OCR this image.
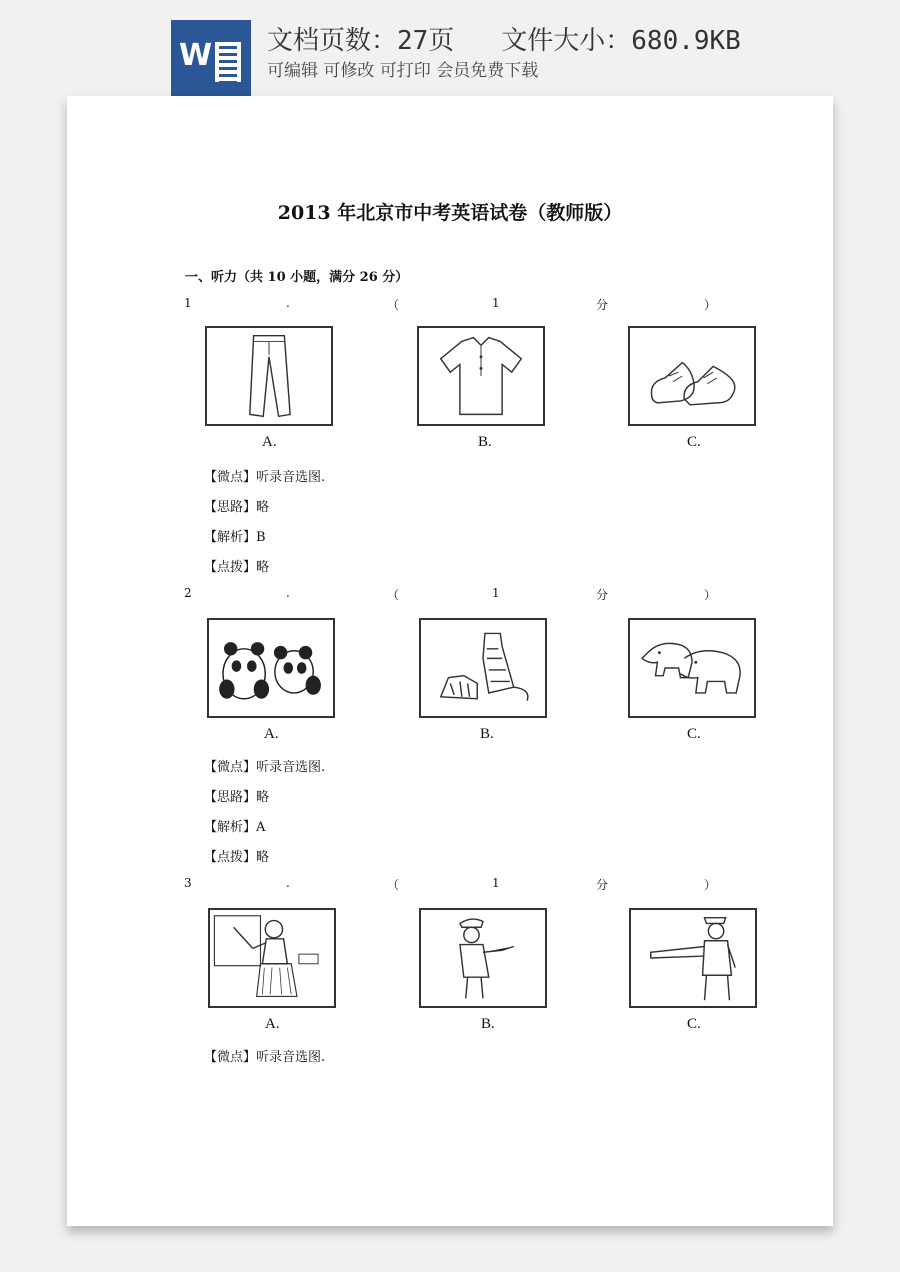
W 文档页数：27页   文件大小：680.9KB
可编辑 可修改 可打印 会员免费下载
2013 年北京市中考英语试卷（教师版）
一、听力（共 10 小题，满分 26 分）
1	.	（	1	分	）
A.	B.	C.
【微点】听录音选图.
【思路】略
【解析】B
【点拨】略
2	.	（	1	分	）
A.	B.	C.
【微点】听录音选图.
【思路】略
【解析】A
【点拨】略
3	.	（	1	分	）
A.	B.	C.
【微点】听录音选图.
